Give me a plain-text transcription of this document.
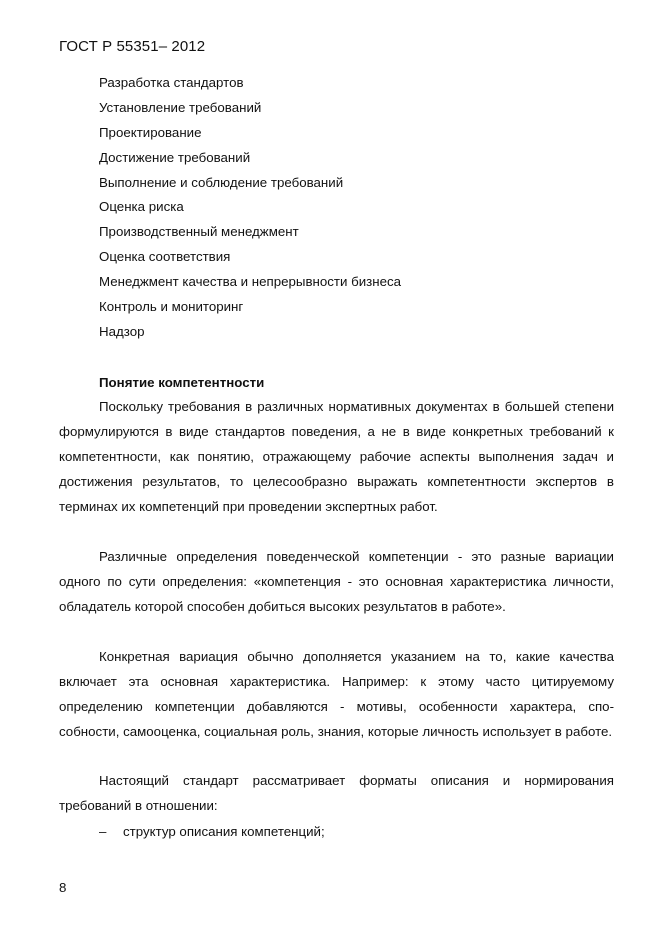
ГОСТ Р 55351– 2012
Разработка стандартов
Установление требований
Проектирование
Достижение требований
Выполнение и соблюдение требований
Оценка риска
Производственный менеджмент
Оценка соответствия
Менеджмент качества и непрерывности бизнеса
Контроль и мониторинг
Надзор
Понятие компетентности

Поскольку требования в различных нормативных документах в большей степени формулируются в виде стандартов поведения, а не в виде конкретных требований к компетентности, как понятию, отражающему рабочие аспекты выполнения задач и достижения результатов, то целесообразно выражать компетентности экспертов в терминах их компетенций при проведении экспертных работ.

Различные определения поведенческой компетенции - это разные вариации одного по сути определения: «компетенция - это основная характеристика личности, обладатель которой способен добиться высоких результатов в работе».

Конкретная вариация обычно дополняется указанием на то, какие качества включает эта основная характеристика. Например: к этому часто цитируемому определению компетенции добавляются - мотивы, особенности характера, спо-собности, самооценка, социальная роль, знания, которые личность использует в работе.

Настоящий стандарт рассматривает форматы описания и нормирования требований в отношении:

– структур описания компетенций;
8
